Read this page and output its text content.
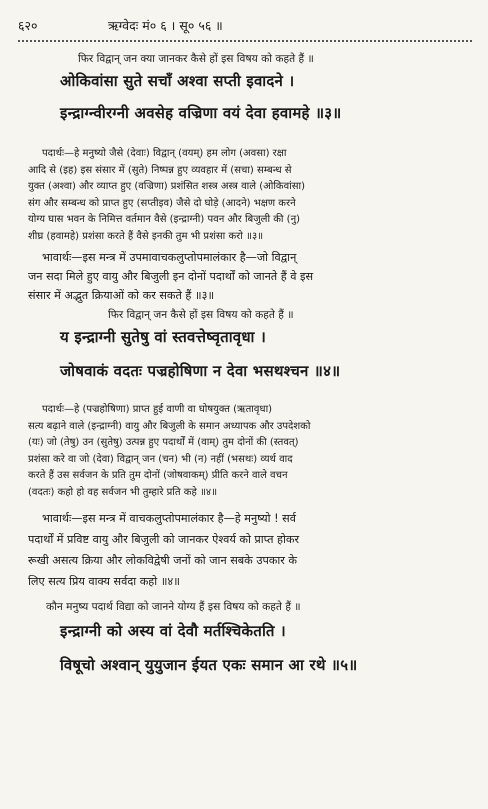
६२०	ऋग्वेदः मं० ६ । सू० ५६ ॥
फिर विद्वान् जन क्या जानकर कैसे हों इस विषय को कहते हैं ॥
ओकिवांसा सुते सचाँ अश्वा सप्ती इवादने ।
इन्द्राग्न्वीरग्नी अवसेह वज्रिणा वयं देवा हवामहे ॥३॥
पदार्थः—हे मनुष्यो जैसे (देवाः) विद्वान् (वयम्) हम लोग (अवसा) रक्षा
आदि से (इह) इस संसार में (सुते) निष्पन्न हुए व्यवहार में (सचा) सम्बन्ध से
युक्त (अश्वा) और व्याप्त हुए (वज्रिणा) प्रशंसित शस्त्र अस्त्र वाले (ओकिवांसा)
संग और सम्बन्ध को प्राप्त हुए (सप्तीइव) जैसे दो घोड़े (आदने) भक्षण करने
योग्य घास भवन के निमित्त वर्तमान वैसे (इन्द्राग्नी) पवन और बिजुली की (नु)
शीघ्र (हवामहे) प्रशंसा करते हैं वैसे इनकी तुम भी प्रशंसा करो ॥३॥
भावार्थः—इस मन्त्र में उपमावाचकलुप्तोपमालंकार है—जो विद्वान्
जन सदा मिले हुए वायु और बिजुली इन दोनों पदार्थों को जानते हैं वे इस
संसार में अद्भुत क्रियाओं को कर सकते हैं ॥३॥
फिर विद्वान् जन कैसे हों इस विषय को कहते हैं ॥
य इन्द्राग्नी सुतेषु वां स्तवत्तेष्वृतावृधा ।
जोषवाकं वदतः पज्रहोषिणा न देवा भसथश्चन ॥४॥
पदार्थः—हे (पज्रहोषिणा) प्राप्त हुई वाणी वा घोषयुक्त (ऋतावृधा)
सत्य बढ़ाने वाले (इन्द्राग्नी) वायु और बिजुली के समान अध्यापक और उपदेशको
(यः) जो (तेषु) उन (सुतेषु) उत्पन्न हुए पदार्थों में (वाम्) तुम दोनों की (स्तवत्)
प्रशंसा करे वा जो (देवा) विद्वान् जन (चन) भी (न) नहीं (भसथः) व्यर्थ वाद
करते हैं उस सर्वजन के प्रति तुम दोनों (जोषवाकम्) प्रीति करने वाले वचन
(वदतः) कहो हो वह सर्वजन भी तुम्हारे प्रति कहे ॥४॥
भावार्थः—इस मन्त्र में वाचकलुप्तोपमालंकार है—हे मनुष्यो ! सर्व
पदार्थों में प्रविष्ट वायु और बिजुली को जानकर ऐश्वर्य को प्राप्त होकर
रूखी असत्य क्रिया और लोकविद्वेषी जनों को जान सबके उपकार के
लिए सत्य प्रिय वाक्य सर्वदा कहो ॥४॥
कौन मनुष्य पदार्थ विद्या को जानने योग्य हैं इस विषय को कहते हैं ॥
इन्द्राग्नी को अस्य वां देवौ मर्तश्चिकेतति ।
विषूचो अश्वान् युयुजान ईयत एकः समान आ रथे ॥५॥
